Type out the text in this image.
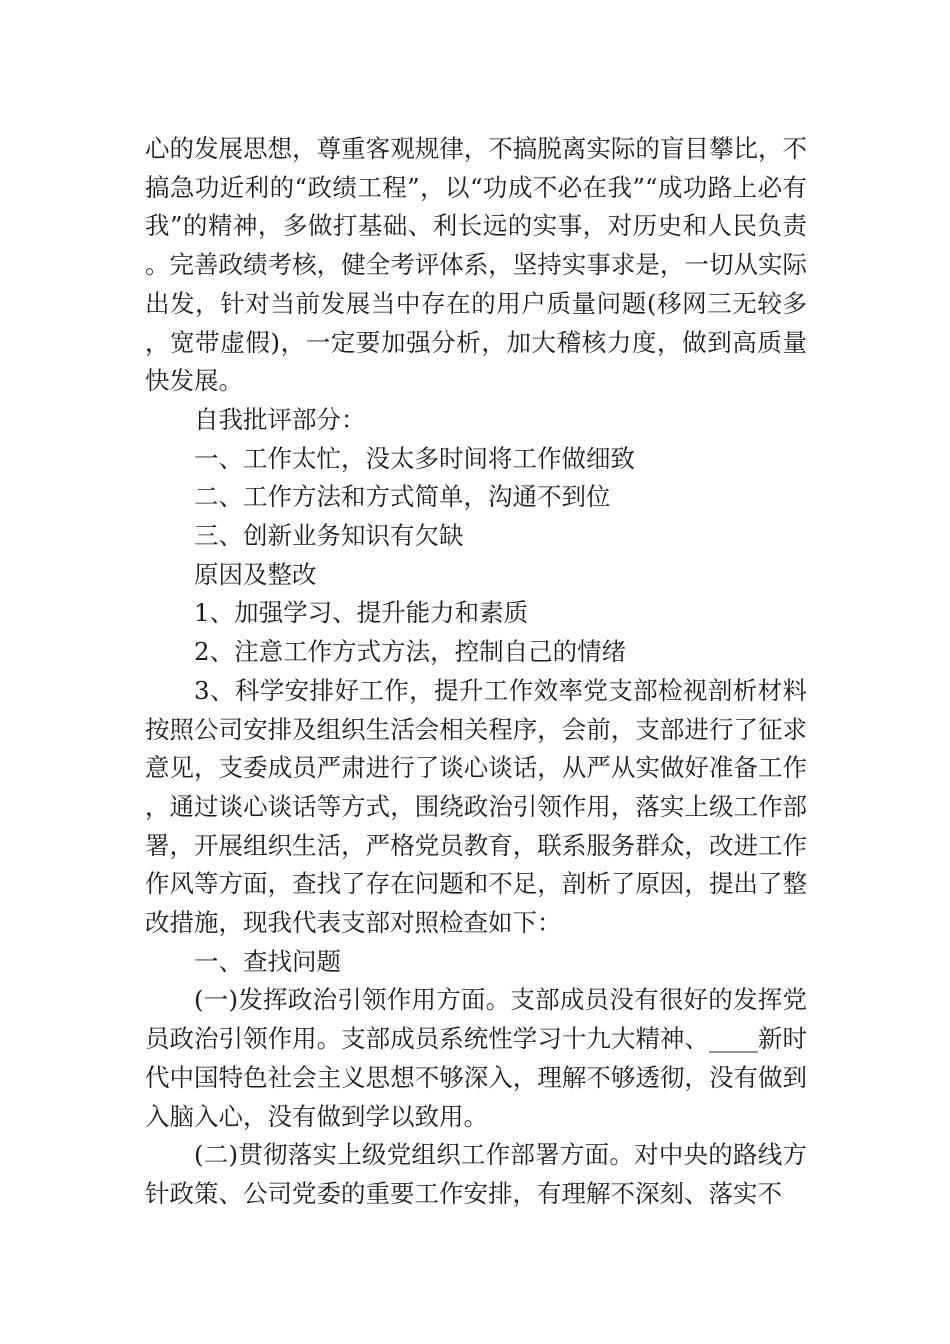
心的发展思想，尊重客观规律，不搞脱离实际的盲目攀比，不搞急功近利的“政绩工程”，以“功成不必在我”“成功路上必有我”的精神，多做打基础、利长远的实事，对历史和人民负责。完善政绩考核，健全考评体系，坚持实事求是，一切从实际出发，针对当前发展当中存在的用户质量问题(移网三无较多，宽带虚假)，一定要加强分析，加大稽核力度，做到高质量快发展。

自我批评部分：

一、工作太忙，没太多时间将工作做细致

二、工作方法和方式简单，沟通不到位

三、创新业务知识有欠缺

原因及整改

1、加强学习、提升能力和素质

2、注意工作方式方法，控制自己的情绪

3、科学安排好工作，提升工作效率党支部检视剖析材料按照公司安排及组织生活会相关程序，会前，支部进行了征求意见，支委成员严肃进行了谈心谈话，从严从实做好准备工作，通过谈心谈话等方式，围绕政治引领作用，落实上级工作部署，开展组织生活，严格党员教育，联系服务群众，改进工作作风等方面，查找了存在问题和不足，剖析了原因，提出了整改措施，现我代表支部对照检查如下：

一、查找问题

(一)发挥政治引领作用方面。支部成员没有很好的发挥党员政治引领作用。支部成员系统性学习十九大精神、____新时代中国特色社会主义思想不够深入，理解不够透彻，没有做到入脑入心，没有做到学以致用。

(二)贯彻落实上级党组织工作部署方面。对中央的路线方针政策、公司党委的重要工作安排，有理解不深刻、落实不
